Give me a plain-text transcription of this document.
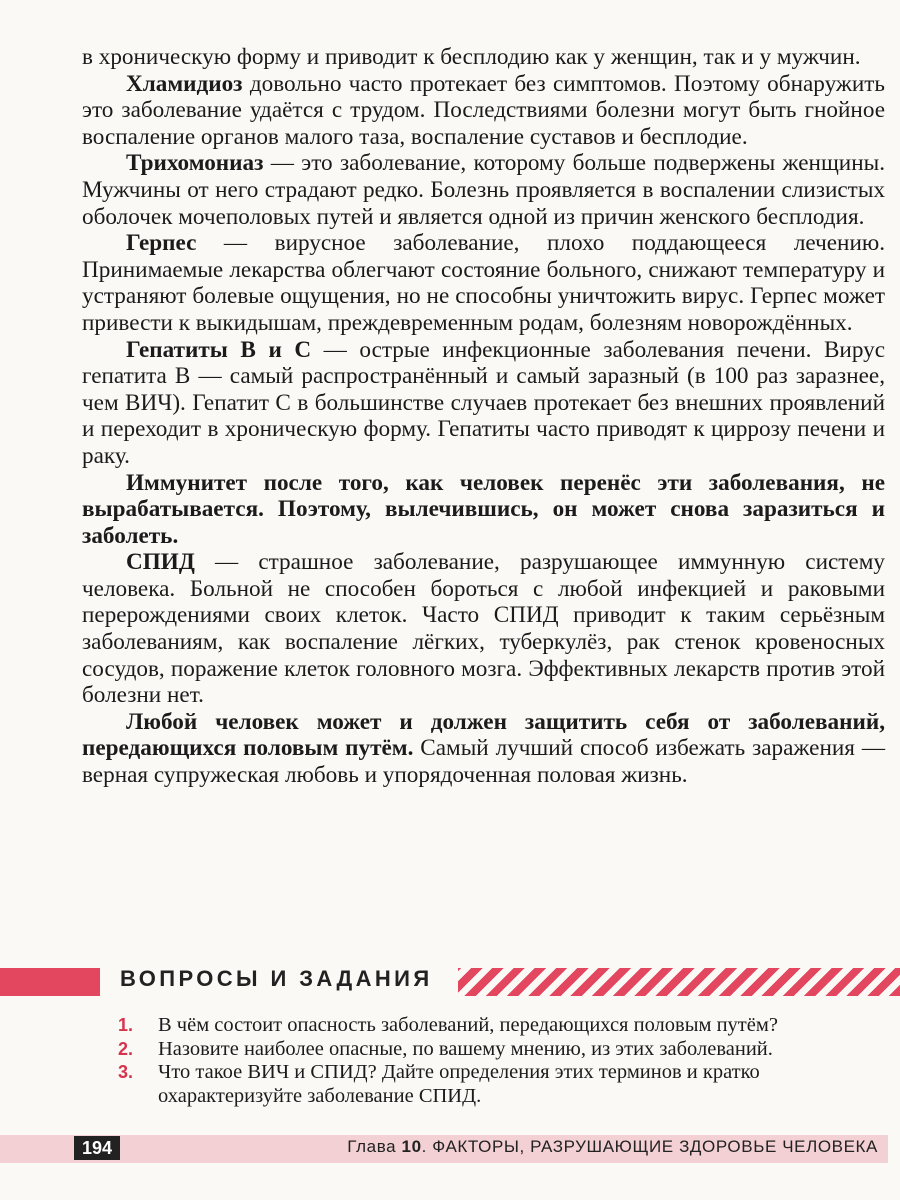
в хроническую форму и приводит к бесплодию как у женщин, так и у мужчин.

Хламидиоз довольно часто протекает без симптомов. Поэтому обнаружить это заболевание удаётся с трудом. Последствиями болезни могут быть гнойное воспаление органов малого таза, воспаление суставов и бесплодие.

Трихомониаз — это заболевание, которому больше подвержены женщины. Мужчины от него страдают редко. Болезнь проявляется в воспалении слизистых оболочек мочеполовых путей и является одной из причин женского бесплодия.

Герпес — вирусное заболевание, плохо поддающееся лечению. Принимаемые лекарства облегчают состояние больного, снижают температуру и устраняют болевые ощущения, но не способны уничтожить вирус. Герпес может привести к выкидышам, преждевременным родам, болезням новорождённых.

Гепатиты В и С — острые инфекционные заболевания печени. Вирус гепатита В — самый распространённый и самый заразный (в 100 раз заразнее, чем ВИЧ). Гепатит С в большинстве случаев протекает без внешних проявлений и переходит в хроническую форму. Гепатиты часто приводят к циррозу печени и раку.

Иммунитет после того, как человек перенёс эти заболевания, не вырабатывается. Поэтому, вылечившись, он может снова заразиться и заболеть.

СПИД — страшное заболевание, разрушающее иммунную систему человека. Больной не способен бороться с любой инфекцией и раковыми перерождениями своих клеток. Часто СПИД приводит к таким серьёзным заболеваниям, как воспаление лёгких, туберкулёз, рак стенок кровеносных сосудов, поражение клеток головного мозга. Эффективных лекарств против этой болезни нет.

Любой человек может и должен защитить себя от заболеваний, передающихся половым путём. Самый лучший способ избежать заражения — верная супружеская любовь и упорядоченная половая жизнь.

ВОПРОСЫ И ЗАДАНИЯ
1.	В чём состоит опасность заболеваний, передающихся половым путём?
2.	Назовите наиболее опасные, по вашему мнению, из этих заболеваний.
3.	Что такое ВИЧ и СПИД? Дайте определения этих терминов и кратко охарактеризуйте заболевание СПИД.
194	Глава 10. ФАКТОРЫ, РАЗРУШАЮЩИЕ ЗДОРОВЬЕ ЧЕЛОВЕКА
